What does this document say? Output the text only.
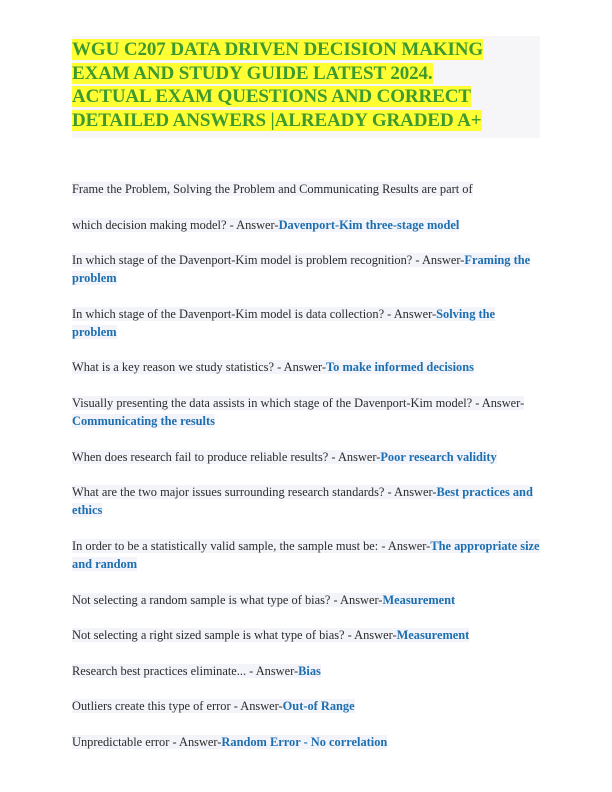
WGU C207 DATA DRIVEN DECISION MAKING
EXAM AND STUDY GUIDE LATEST 2024.
ACTUAL EXAM QUESTIONS AND CORRECT
DETAILED ANSWERS |ALREADY GRADED A+

Frame the Problem, Solving the Problem and Communicating Results are part of

which decision making model? - Answer-Davenport-Kim three-stage model

In which stage of the Davenport-Kim model is problem recognition? - Answer-Framing the problem

In which stage of the Davenport-Kim model is data collection? - Answer-Solving the problem

What is a key reason we study statistics? - Answer-To make informed decisions

Visually presenting the data assists in which stage of the Davenport-Kim model? - Answer-Communicating the results

When does research fail to produce reliable results? - Answer-Poor research validity

What are the two major issues surrounding research standards? - Answer-Best practices and ethics

In order to be a statistically valid sample, the sample must be: - Answer-The appropriate size and random

Not selecting a random sample is what type of bias? - Answer-Measurement

Not selecting a right sized sample is what type of bias? - Answer-Measurement

Research best practices eliminate... - Answer-Bias

Outliers create this type of error - Answer-Out-of Range

Unpredictable error - Answer-Random Error - No correlation
